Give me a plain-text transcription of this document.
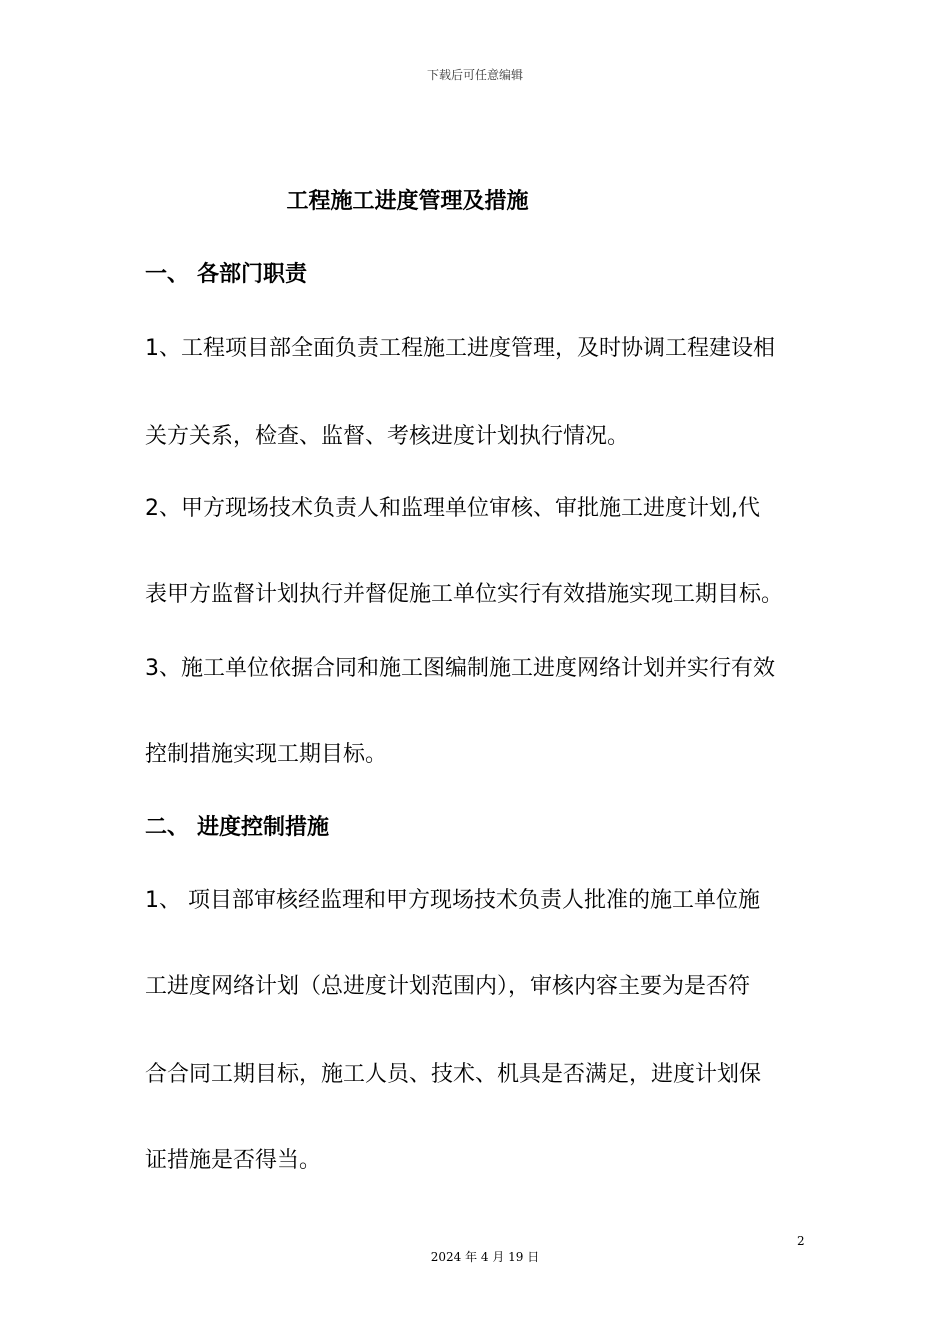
下载后可任意编辑
工程施工进度管理及措施
一、 各部门职责
1、工程项目部全面负责工程施工进度管理，及时协调工程建设相
关方关系，检查、监督、考核进度计划执行情况。
2、甲方现场技术负责人和监理单位审核、审批施工进度计划,代
表甲方监督计划执行并督促施工单位实行有效措施实现工期目标。
3、施工单位依据合同和施工图编制施工进度网络计划并实行有效
控制措施实现工期目标。
二、 进度控制措施
1、 项目部审核经监理和甲方现场技术负责人批准的施工单位施
工进度网络计划（总进度计划范围内），审核内容主要为是否符
合合同工期目标，施工人员、技术、机具是否满足，进度计划保
证措施是否得当。
2
2024 年 4 月 19 日
